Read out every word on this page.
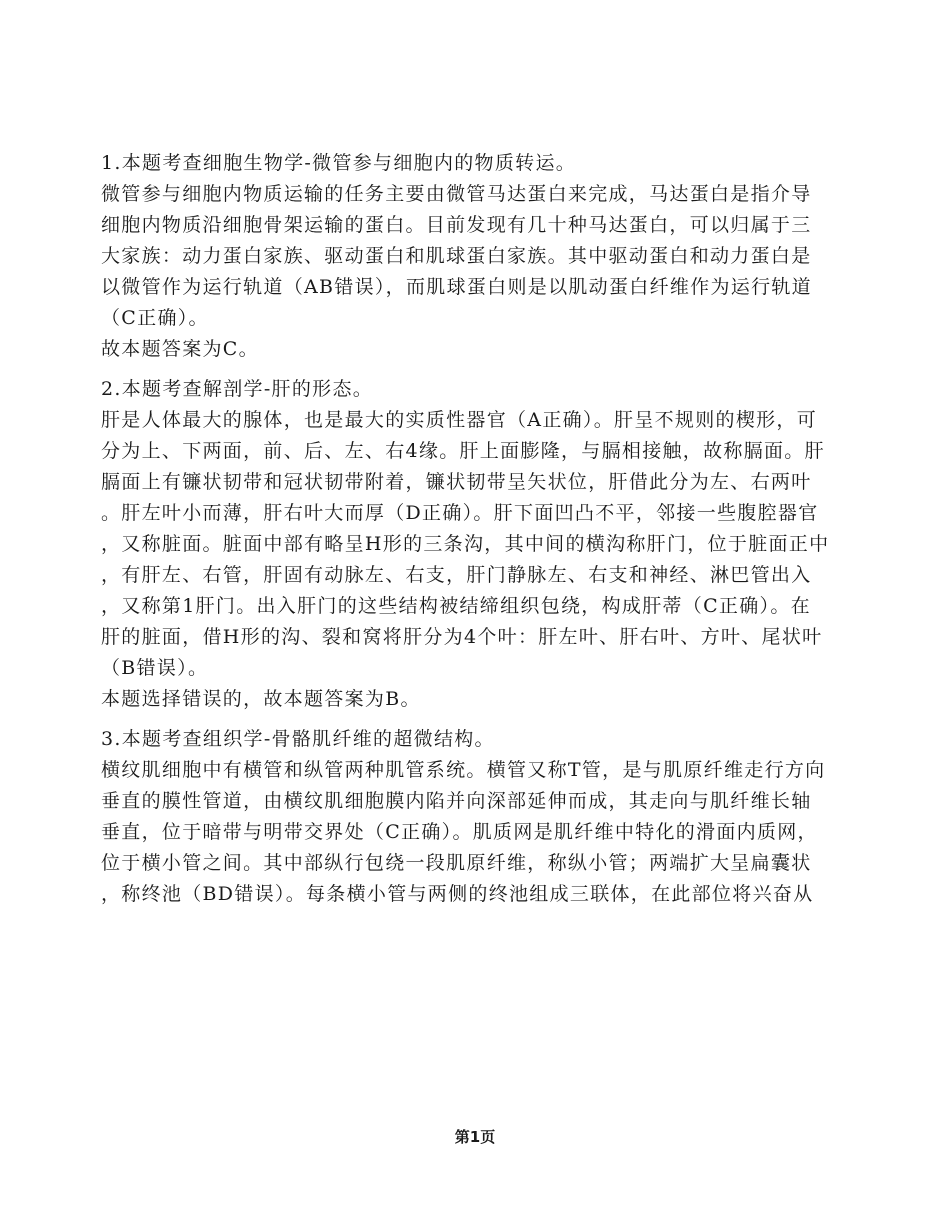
1.本题考查细胞生物学-微管参与细胞内的物质转运。
微管参与细胞内物质运输的任务主要由微管马达蛋白来完成，马达蛋白是指介导
细胞内物质沿细胞骨架运输的蛋白。目前发现有几十种马达蛋白，可以归属于三
大家族：动力蛋白家族、驱动蛋白和肌球蛋白家族。其中驱动蛋白和动力蛋白是
以微管作为运行轨道（AB错误），而肌球蛋白则是以肌动蛋白纤维作为运行轨道
（C正确）。
故本题答案为C。
2.本题考查解剖学-肝的形态。
肝是人体最大的腺体，也是最大的实质性器官（A正确）。肝呈不规则的楔形，可
分为上、下两面，前、后、左、右4缘。肝上面膨隆，与膈相接触，故称膈面。肝
膈面上有镰状韧带和冠状韧带附着，镰状韧带呈矢状位，肝借此分为左、右两叶
。肝左叶小而薄，肝右叶大而厚（D正确）。肝下面凹凸不平，邻接一些腹腔器官
，又称脏面。脏面中部有略呈H形的三条沟，其中间的横沟称肝门，位于脏面正中
，有肝左、右管，肝固有动脉左、右支，肝门静脉左、右支和神经、淋巴管出入
，又称第1肝门。出入肝门的这些结构被结缔组织包绕，构成肝蒂（C正确）。在
肝的脏面，借H形的沟、裂和窝将肝分为4个叶：肝左叶、肝右叶、方叶、尾状叶
（B错误）。
本题选择错误的，故本题答案为B。
3.本题考查组织学-骨骼肌纤维的超微结构。
横纹肌细胞中有横管和纵管两种肌管系统。横管又称T管，是与肌原纤维走行方向
垂直的膜性管道，由横纹肌细胞膜内陷并向深部延伸而成，其走向与肌纤维长轴
垂直，位于暗带与明带交界处（C正确）。肌质网是肌纤维中特化的滑面内质网，
位于横小管之间。其中部纵行包绕一段肌原纤维，称纵小管；两端扩大呈扁囊状
，称终池（BD错误）。每条横小管与两侧的终池组成三联体，在此部位将兴奋从
第1页
